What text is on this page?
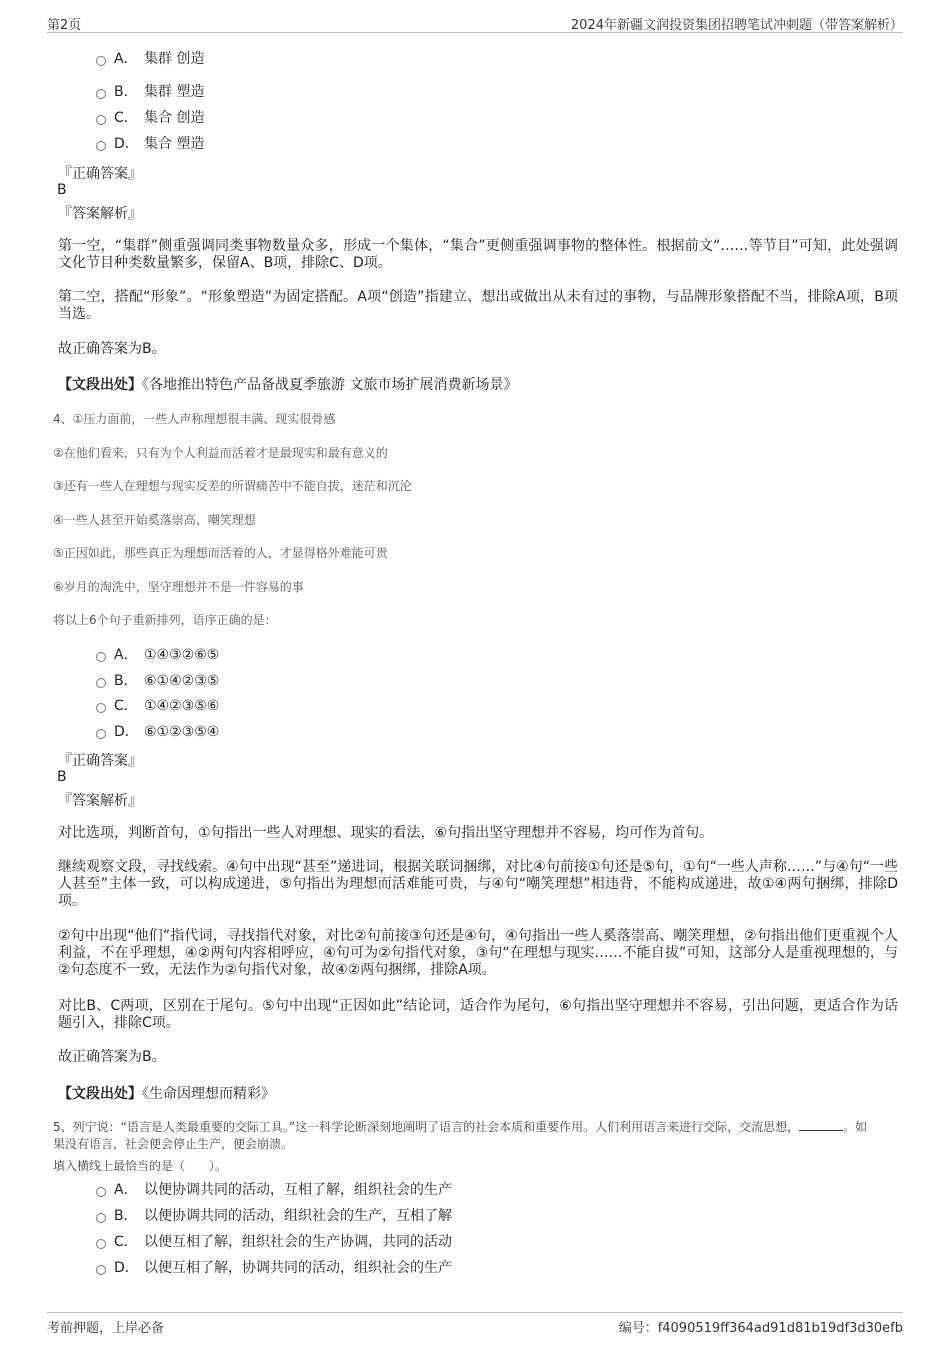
第2页	2024年新疆文润投资集团招聘笔试冲刺题（带答案解析）
A． 集群 创造
B． 集群 塑造
C． 集合 创造
D． 集合 塑造
『正确答案』
B
『答案解析』
第一空，“集群”侧重强调同类事物数量众多，形成一个集体，“集合”更侧重强调事物的整体性。根据前文“……等节目”可知，此处强调文化节目种类数量繁多，保留A、B项，排除C、D项。
第二空，搭配“形象”。“形象塑造”为固定搭配。A项“创造”指建立、想出或做出从未有过的事物，与品牌形象搭配不当，排除A项，B项当选。
故正确答案为B。
【文段出处】《各地推出特色产品备战夏季旅游 文旅市场扩展消费新场景》
4、①压力面前，一些人声称理想很丰满、现实很骨感
②在他们看来，只有为个人利益而活着才是最现实和最有意义的
③还有一些人在理想与现实反差的所谓痛苦中不能自拔，迷茫和沉沦
④一些人甚至开始奚落崇高、嘲笑理想
⑤正因如此，那些真正为理想而活着的人，才显得格外难能可贵
⑥岁月的淘洗中，坚守理想并不是一件容易的事
将以上6个句子重新排列，语序正确的是：
A． ①④③②⑥⑤
B． ⑥①④②③⑤
C． ①④②③⑤⑥
D． ⑥①②③⑤④
『正确答案』
B
『答案解析』
对比选项，判断首句，①句指出一些人对理想、现实的看法，⑥句指出坚守理想并不容易，均可作为首句。
继续观察文段，寻找线索。④句中出现“甚至”递进词，根据关联词捆绑，对比④句前接①句还是⑤句，①句“一些人声称……”与④句“一些人甚至”主体一致，可以构成递进，⑤句指出为理想而活难能可贵，与④句“嘲笑理想”相违背，不能构成递进，故①④两句捆绑，排除D项。
②句中出现“他们”指代词，寻找指代对象，对比②句前接③句还是④句，④句指出一些人奚落崇高、嘲笑理想，②句指出他们更重视个人利益，不在乎理想，④②两句内容相呼应，④句可为②句指代对象，③句“在理想与现实……不能自拔”可知，这部分人是重视理想的，与②句态度不一致，无法作为②句指代对象，故④②两句捆绑，排除A项。
对比B、C两项，区别在于尾句。⑤句中出现“正因如此”结论词，适合作为尾句，⑥句指出坚守理想并不容易，引出问题，更适合作为话题引入，排除C项。
故正确答案为B。
【文段出处】《生命因理想而精彩》
5、列宁说：“语言是人类最重要的交际工具。”这一科学论断深刻地阐明了语言的社会本质和重要作用。人们利用语言来进行交际，交流思想，	。如果没有语言，社会便会停止生产，便会崩溃。
填入横线上最恰当的是（　　）。
A． 以便协调共同的活动，互相了解，组织社会的生产
B． 以便协调共同的活动，组织社会的生产，互相了解
C． 以便互相了解，组织社会的生产协调，共同的活动
D． 以便互相了解，协调共同的活动，组织社会的生产
考前押题，上岸必备	编号：f4090519ff364ad91d81b19df3d30efb
